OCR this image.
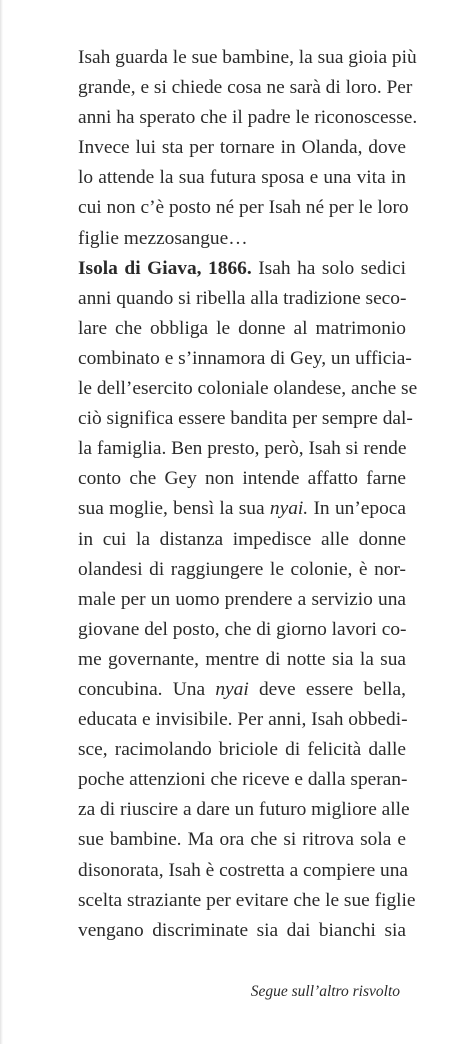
Isah guarda le sue bambine, la sua gioia più
grande, e si chiede cosa ne sarà di loro. Per
anni ha sperato che il padre le riconoscesse.
Invece lui sta per tornare in Olanda, dove
lo attende la sua futura sposa e una vita in
cui non c’è posto né per Isah né per le loro
figlie mezzosangue…
Isola di Giava, 1866. Isah ha solo sedici
anni quando si ribella alla tradizione seco-
lare che obbliga le donne al matrimonio
combinato e s’innamora di Gey, un ufficia-
le dell’esercito coloniale olandese, anche se
ciò significa essere bandita per sempre dal-
la famiglia. Ben presto, però, Isah si rende
conto che Gey non intende affatto farne
sua moglie, bensì la sua nyai. In un’epoca
in cui la distanza impedisce alle donne
olandesi di raggiungere le colonie, è nor-
male per un uomo prendere a servizio una
giovane del posto, che di giorno lavori co-
me governante, mentre di notte sia la sua
concubina. Una nyai deve essere bella,
educata e invisibile. Per anni, Isah obbedi-
sce, racimolando briciole di felicità dalle
poche attenzioni che riceve e dalla speran-
za di riuscire a dare un futuro migliore alle
sue bambine. Ma ora che si ritrova sola e
disonorata, Isah è costretta a compiere una
scelta straziante per evitare che le sue figlie
vengano discriminate sia dai bianchi sia
Segue sull’altro risvolto
